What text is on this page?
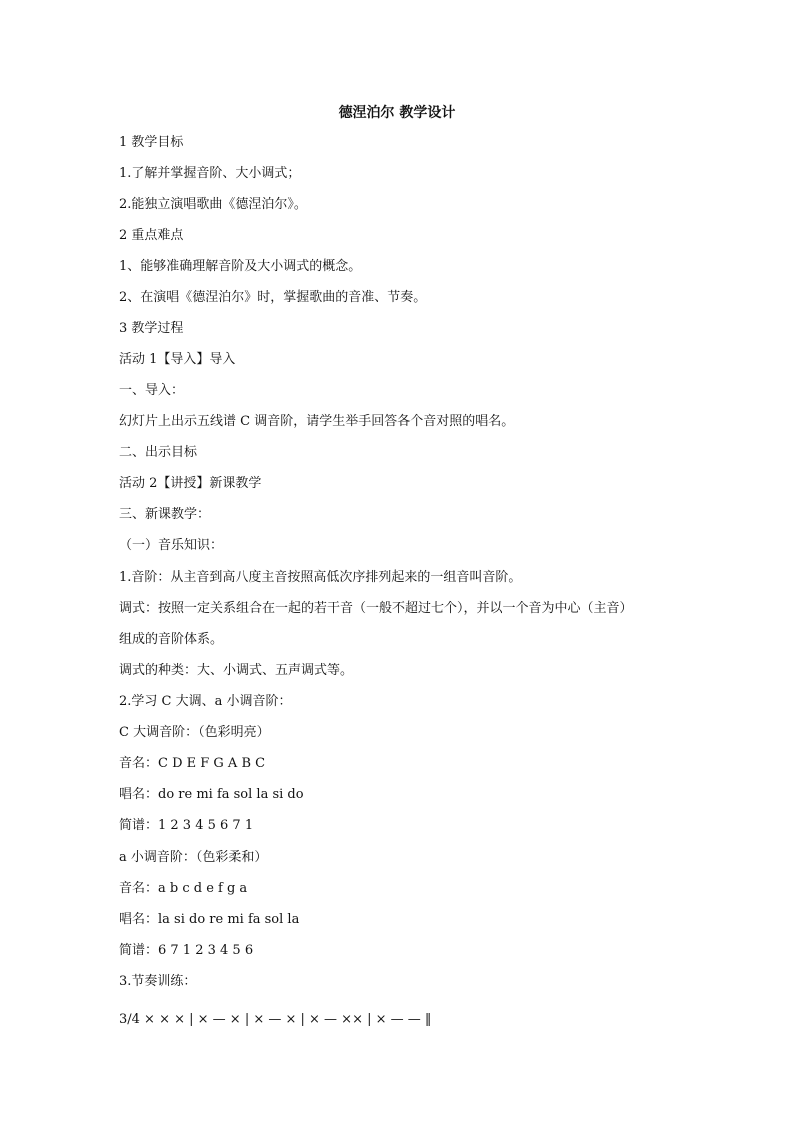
德涅泊尔 教学设计
1 教学目标
1.了解并掌握音阶、大小调式；
2.能独立演唱歌曲《德涅泊尔》。
2 重点难点
1、能够准确理解音阶及大小调式的概念。
2、在演唱《德涅泊尔》时，掌握歌曲的音准、节奏。
3 教学过程
活动 1【导入】导入
一、导入：
幻灯片上出示五线谱 C 调音阶，请学生举手回答各个音对照的唱名。
二、出示目标
活动 2【讲授】新课教学
三、新课教学：
（一）音乐知识：
1.音阶：从主音到高八度主音按照高低次序排列起来的一组音叫音阶。
调式：按照一定关系组合在一起的若干音（一般不超过七个），并以一个音为中心（主音）
组成的音阶体系。
调式的种类：大、小调式、五声调式等。
2.学习 C 大调、a 小调音阶：
C 大调音阶：（色彩明亮）
音名：C D E F G A B C
唱名：do re mi fa sol la si do
简谱：1 2 3 4 5 6 7 1
a 小调音阶：（色彩柔和）
音名：a b c d e f g a
唱名：la si do re mi fa sol la
简谱：6 7 1 2 3 4 5 6
3.节奏训练：
3/4 × × × | × — × | × — × | × — ×× | × — — ‖
